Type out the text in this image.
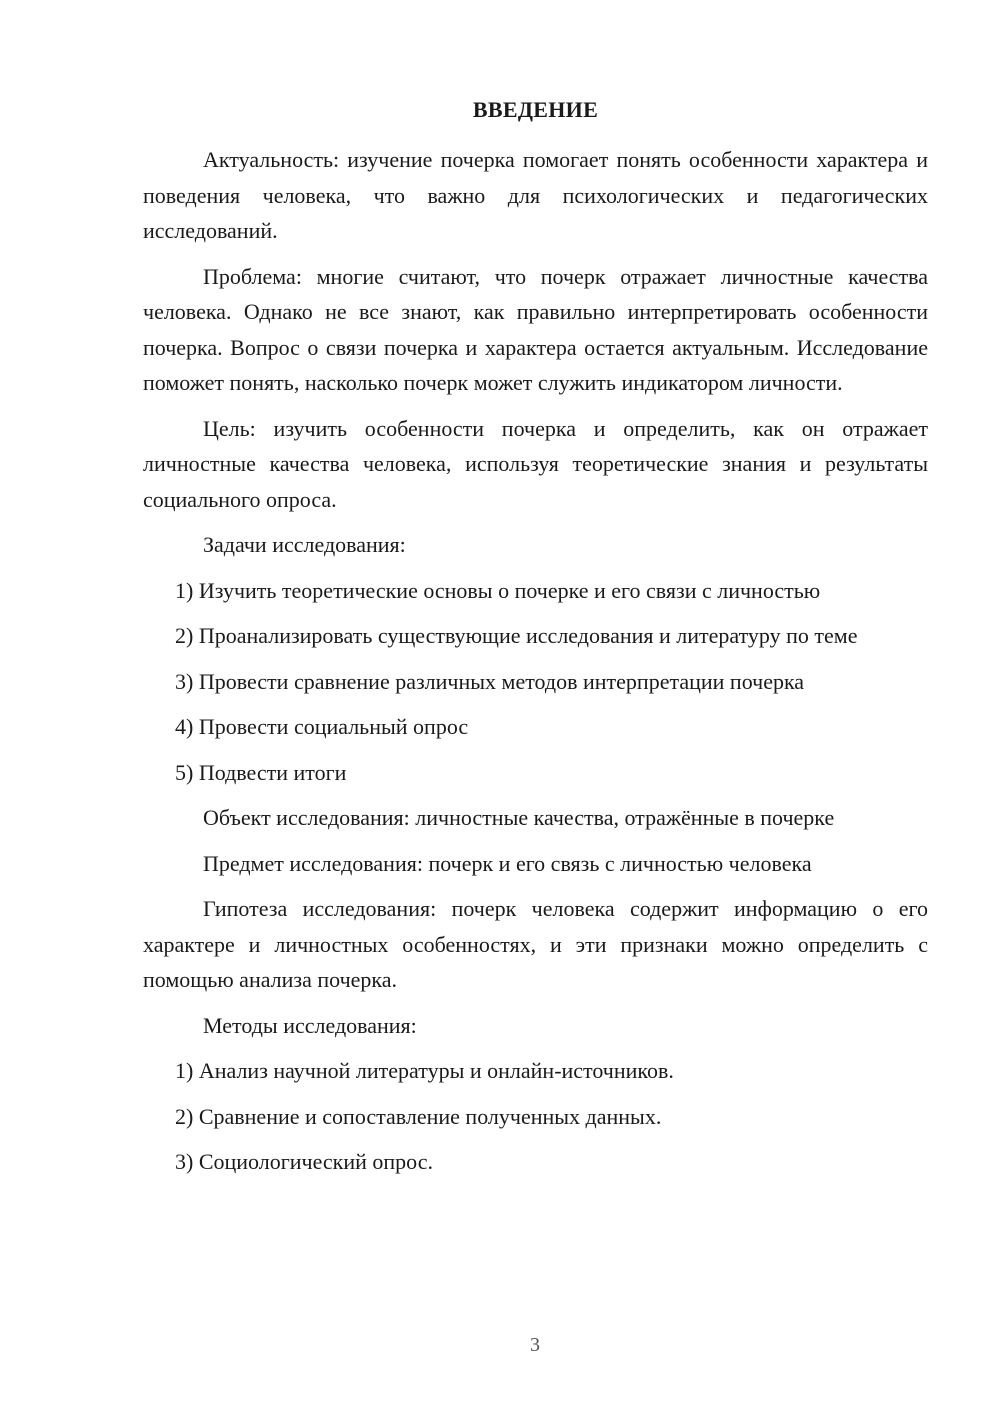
ВВЕДЕНИЕ

Актуальность: изучение почерка помогает понять особенности характера и поведения человека, что важно для психологических и педагогических исследований.

Проблема: многие считают, что почерк отражает личностные качества человека. Однако не все знают, как правильно интерпретировать особенности почерка. Вопрос о связи почерка и характера остается актуальным. Исследование поможет понять, насколько почерк может служить индикатором личности.

Цель: изучить особенности почерка и определить, как он отражает личностные качества человека, используя теоретические знания и результаты социального опроса.

Задачи исследования:

1) Изучить теоретические основы о почерке и его связи с личностью

2) Проанализировать существующие исследования и литературу по теме

3) Провести сравнение различных методов интерпретации почерка

4) Провести социальный опрос

5) Подвести итоги

Объект исследования: личностные качества, отражённые в почерке

Предмет исследования: почерк и его связь с личностью человека

Гипотеза исследования: почерк человека содержит информацию о его характере и личностных особенностях, и эти признаки можно определить с помощью анализа почерка.

Методы исследования:

1) Анализ научной литературы и онлайн-источников.

2) Сравнение и сопоставление полученных данных.

3) Социологический опрос.

3
